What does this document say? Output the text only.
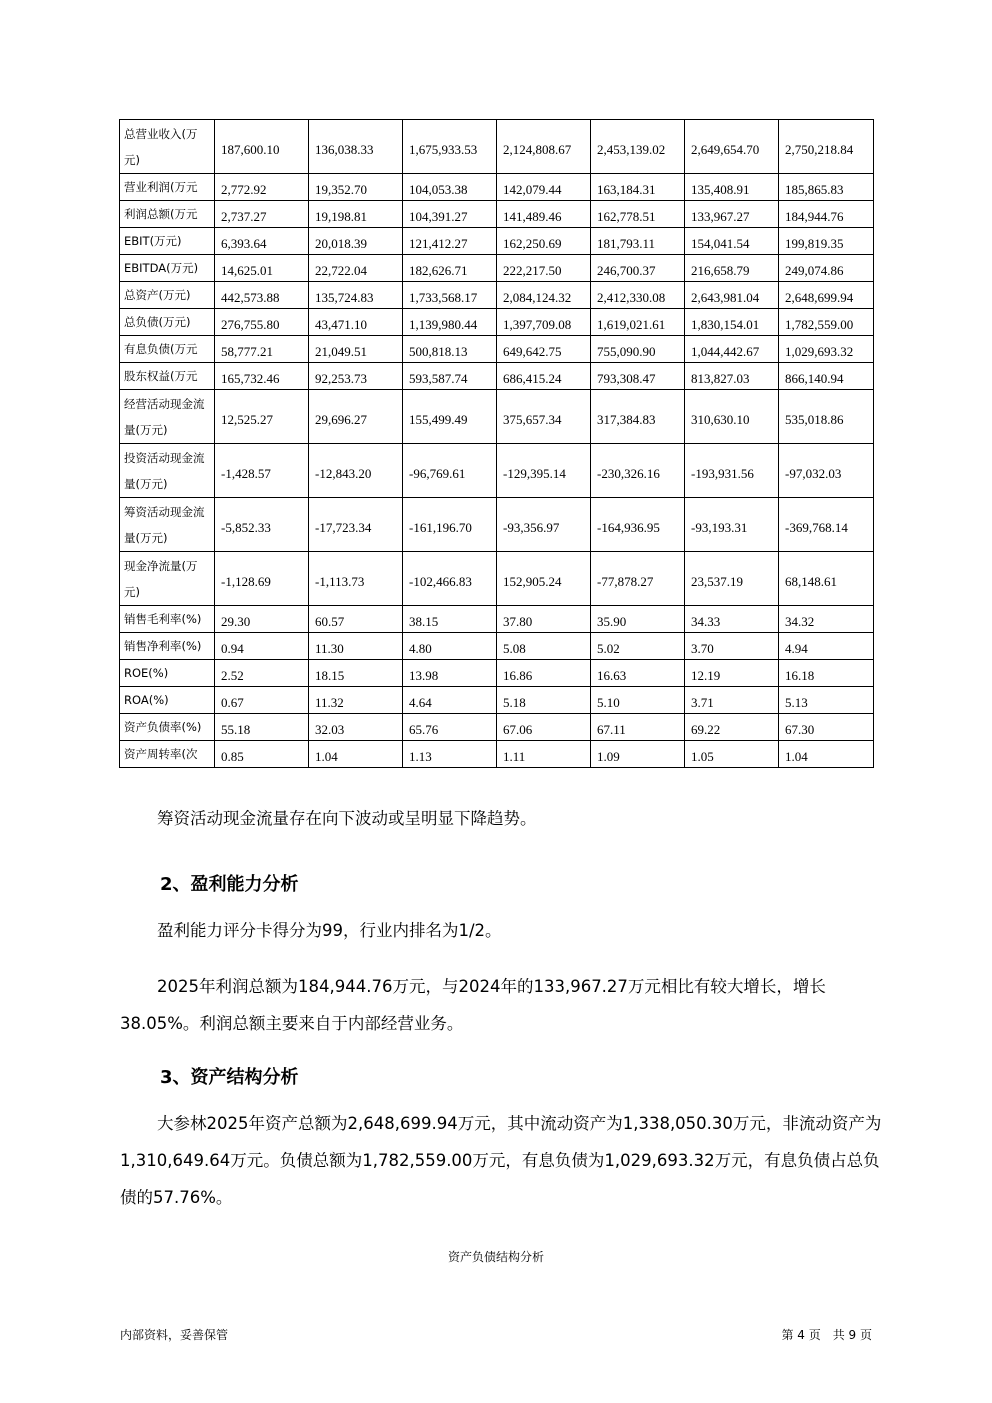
总营业收入(万元)	187,600.10	136,038.33	1,675,933.53	2,124,808.67	2,453,139.02	2,649,654.70	2,750,218.84
营业利润(万元	2,772.92	19,352.70	104,053.38	142,079.44	163,184.31	135,408.91	185,865.83
利润总额(万元	2,737.27	19,198.81	104,391.27	141,489.46	162,778.51	133,967.27	184,944.76
EBIT(万元)	6,393.64	20,018.39	121,412.27	162,250.69	181,793.11	154,041.54	199,819.35
EBITDA(万元)	14,625.01	22,722.04	182,626.71	222,217.50	246,700.37	216,658.79	249,074.86
总资产(万元)	442,573.88	135,724.83	1,733,568.17	2,084,124.32	2,412,330.08	2,643,981.04	2,648,699.94
总负债(万元)	276,755.80	43,471.10	1,139,980.44	1,397,709.08	1,619,021.61	1,830,154.01	1,782,559.00
有息负债(万元	58,777.21	21,049.51	500,818.13	649,642.75	755,090.90	1,044,442.67	1,029,693.32
股东权益(万元	165,732.46	92,253.73	593,587.74	686,415.24	793,308.47	813,827.03	866,140.94
经营活动现金流量(万元)	12,525.27	29,696.27	155,499.49	375,657.34	317,384.83	310,630.10	535,018.86
投资活动现金流量(万元)	-1,428.57	-12,843.20	-96,769.61	-129,395.14	-230,326.16	-193,931.56	-97,032.03
筹资活动现金流量(万元)	-5,852.33	-17,723.34	-161,196.70	-93,356.97	-164,936.95	-93,193.31	-369,768.14
现金净流量(万元)	-1,128.69	-1,113.73	-102,466.83	152,905.24	-77,878.27	23,537.19	68,148.61
销售毛利率(%)	29.30	60.57	38.15	37.80	35.90	34.33	34.32
销售净利率(%)	0.94	11.30	4.80	5.08	5.02	3.70	4.94
ROE(%)	2.52	18.15	13.98	16.86	16.63	12.19	16.18
ROA(%)	0.67	11.32	4.64	5.18	5.10	3.71	5.13
资产负债率(%)	55.18	32.03	65.76	67.06	67.11	69.22	67.30
资产周转率(次	0.85	1.04	1.13	1.11	1.09	1.05	1.04

筹资活动现金流量存在向下波动或呈明显下降趋势。

2、盈利能力分析

盈利能力评分卡得分为99，行业内排名为1/2。

2025年利润总额为184,944.76万元，与2024年的133,967.27万元相比有较大增长，增长38.05%。利润总额主要来自于内部经营业务。

3、资产结构分析

大参林2025年资产总额为2,648,699.94万元，其中流动资产为1,338,050.30万元，非流动资产为1,310,649.64万元。负债总额为1,782,559.00万元，有息负债为1,029,693.32万元，有息负债占总负债的57.76%。

资产负债结构分析
内部资料，妥善保管	第 4 页　共 9 页
